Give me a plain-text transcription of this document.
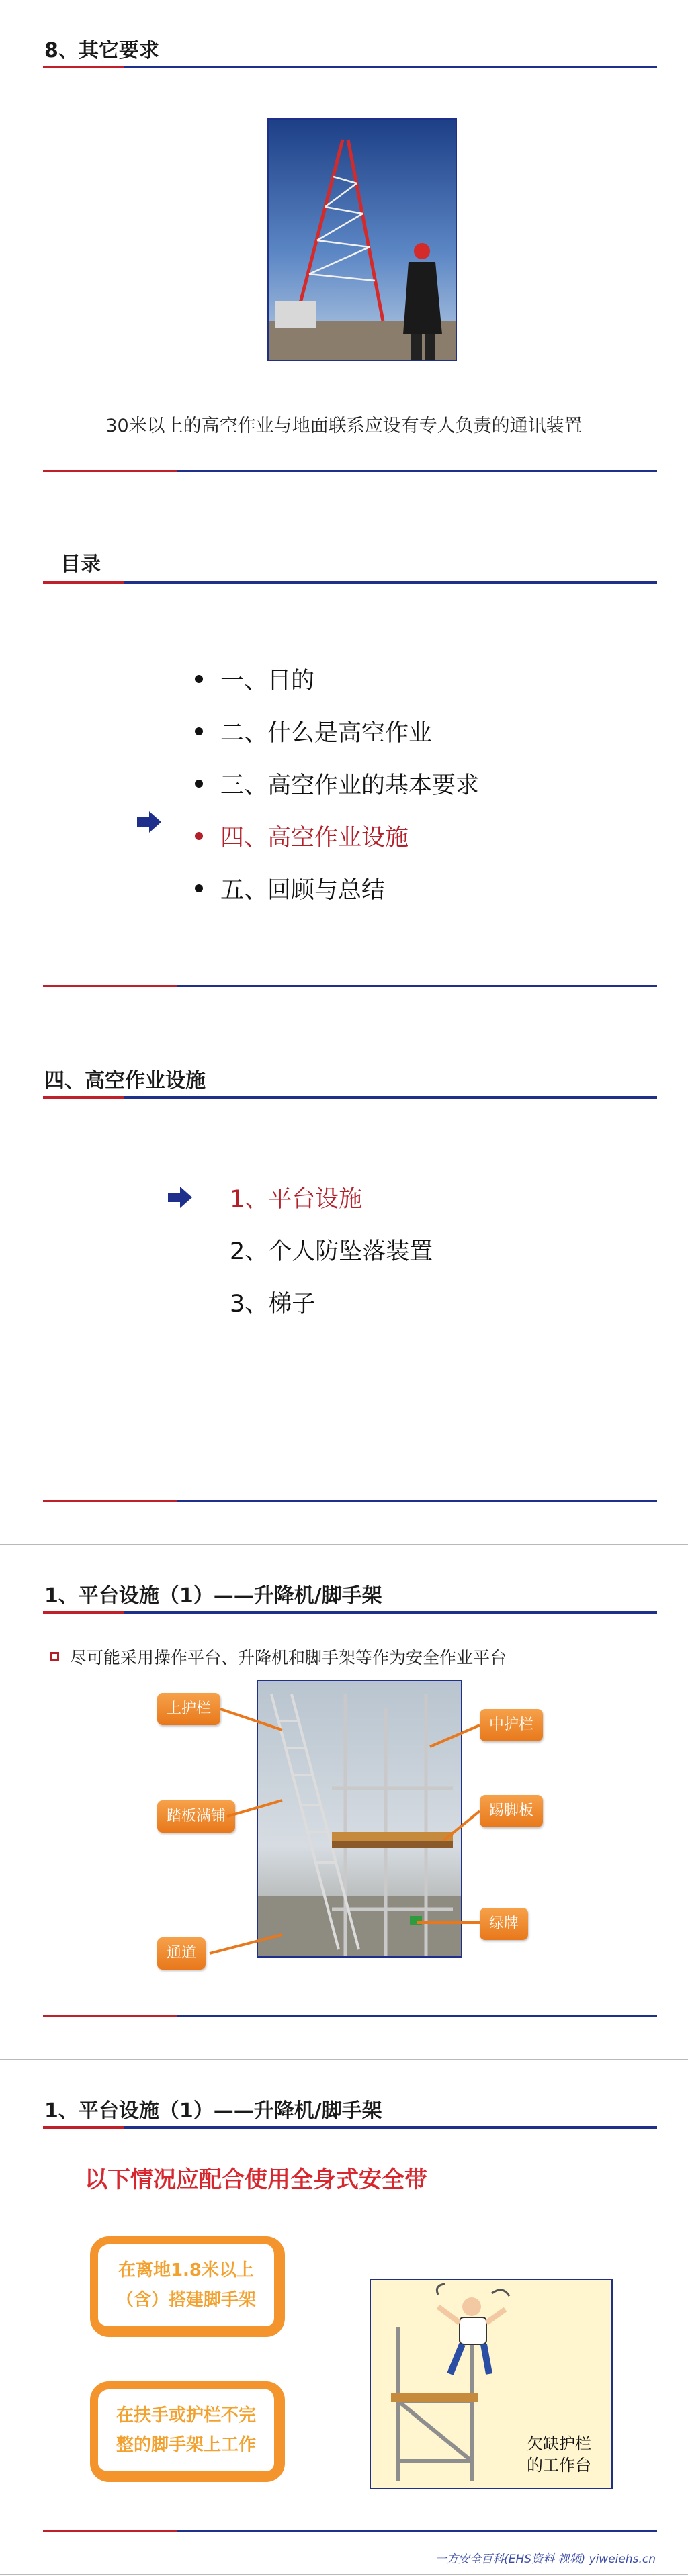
8、其它要求
30米以上的高空作业与地面联系应设有专人负责的通讯装置
目录
一、目的
二、什么是高空作业
三、高空作业的基本要求
四、高空作业设施
五、回顾与总结
四、高空作业设施
1、平台设施
2、个人防坠落装置
3、梯子
1、平台设施（1）——升降机/脚手架
尽可能采用操作平台、升降机和脚手架等作为安全作业平台
上护栏
中护栏
踏板满铺	踢脚板
通道
绿牌
1、平台设施（1）——升降机/脚手架
以下情况应配合使用全身式安全带
在离地1.8米以上
（含）搭建脚手架
在扶手或护栏不完
整的脚手架上工作	欠缺护栏
的工作台
一方安全百科(EHS资料 视频) yiweiehs.cn
